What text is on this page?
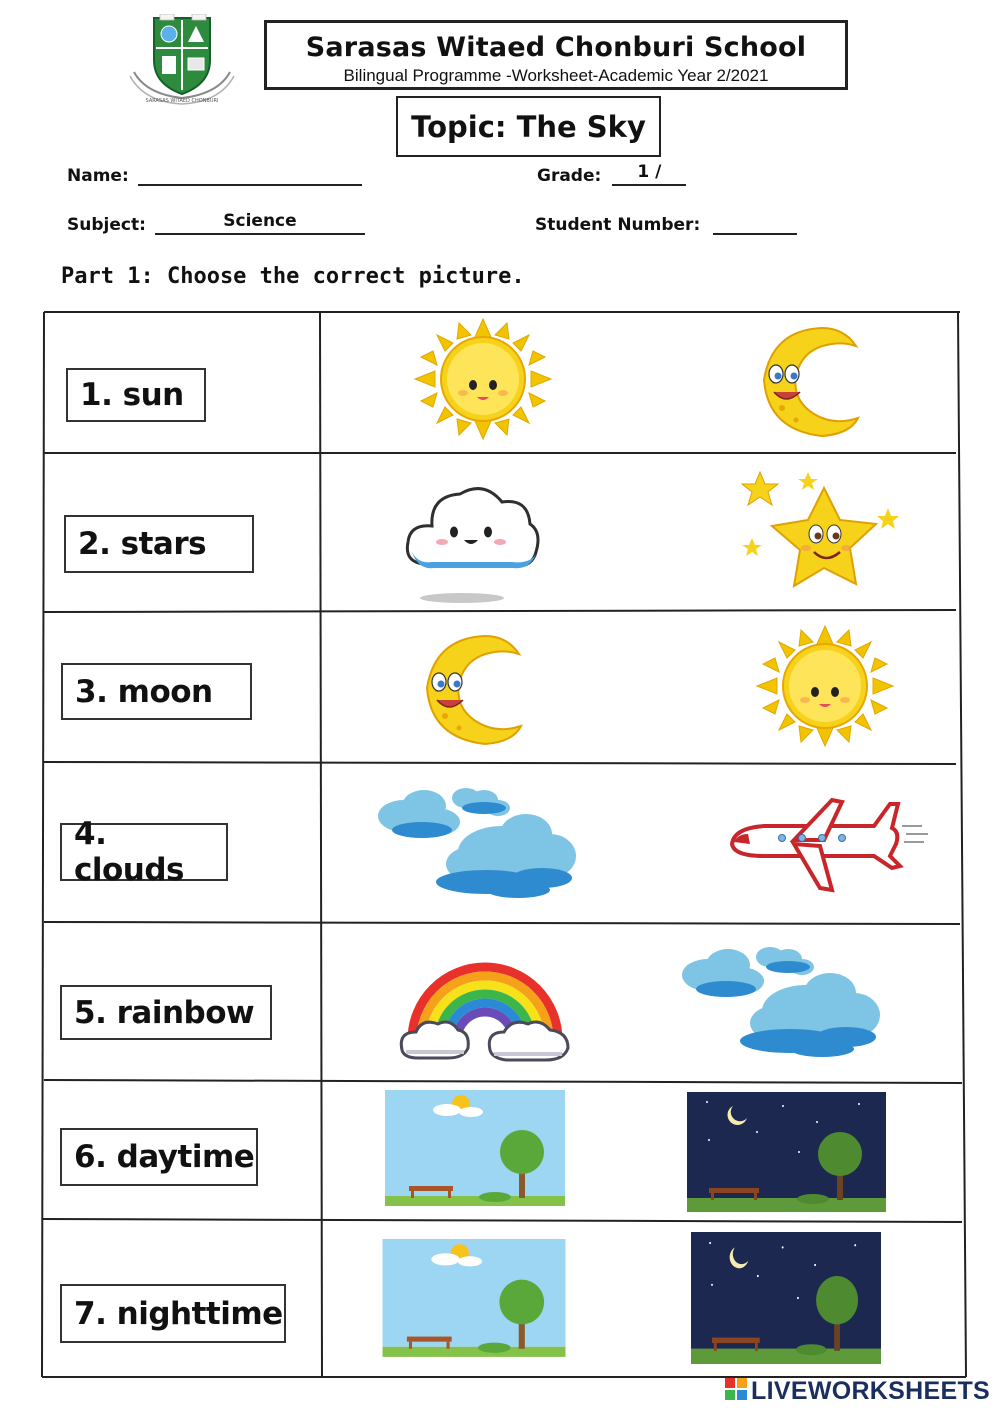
SARASAS WITAED CHONBURI
Sarasas Witaed Chonburi School
Bilingual Programme -Worksheet-Academic Year 2/2021
Topic: The Sky
Name:	Grade: 1 /
Subject:	Science	Student Number:
Part 1: Choose the correct picture.
1. sun
2. stars
3. moon
4. clouds
5. rainbow
6. daytime
7. nighttime
LIVEWORKSHEETS
